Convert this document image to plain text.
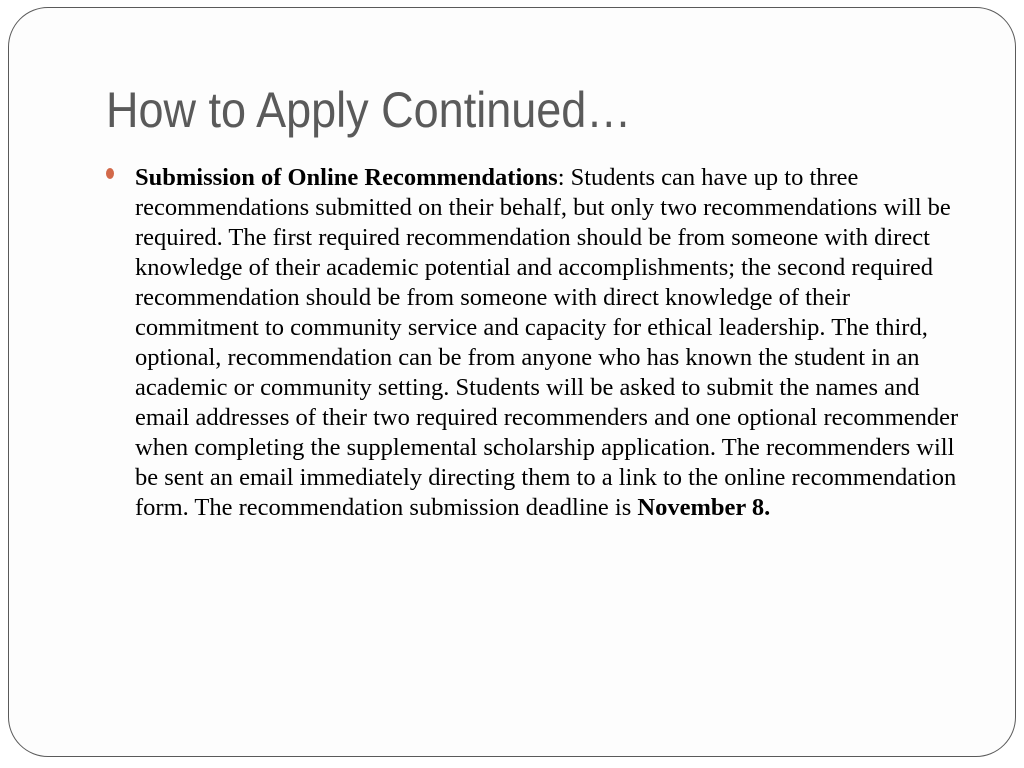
How to Apply Continued…

Submission of Online Recommendations: Students can have up to three recommendations submitted on their behalf, but only two recommendations will be required. The first required recommendation should be from someone with direct knowledge of their academic potential and accomplishments; the second required recommendation should be from someone with direct knowledge of their commitment to community service and capacity for ethical leadership. The third, optional, recommendation can be from anyone who has known the student in an academic or community setting. Students will be asked to submit the names and email addresses of their two required recommenders and one optional recommender when completing the supplemental scholarship application. The recommenders will be sent an email immediately directing them to a link to the online recommendation form. The recommendation submission deadline is November 8.
